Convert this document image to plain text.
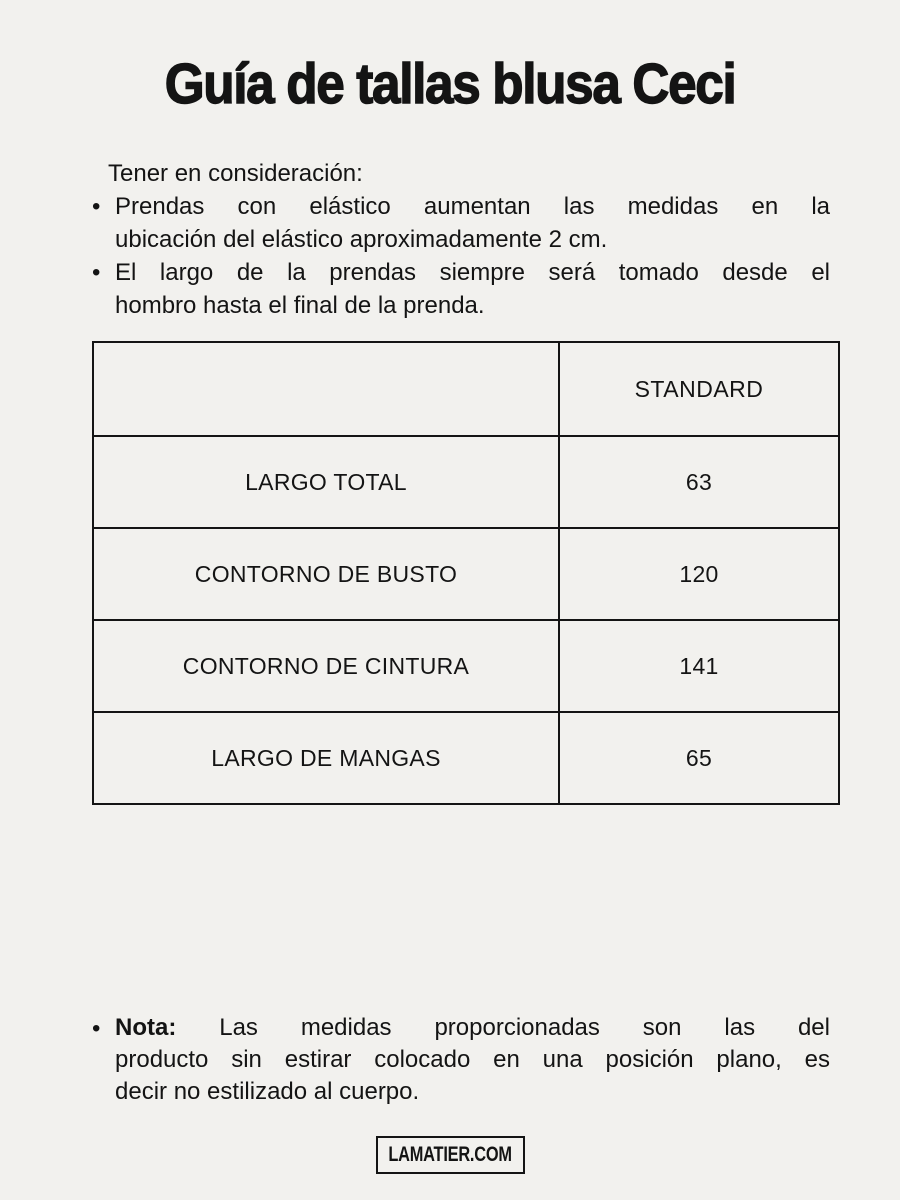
Guía de tallas blusa Ceci
Tener en consideración:
• Prendas con elástico aumentan las medidas en la
ubicación del elástico aproximadamente 2 cm.
• El largo de la prendas siempre será tomado desde el
hombro hasta el final de la prenda.
	STANDARD
LARGO TOTAL	63
CONTORNO DE BUSTO	120
CONTORNO DE CINTURA	141
LARGO DE MANGAS	65
• Nota: Las medidas proporcionadas son las del
producto sin estirar colocado en una posición plano, es
decir no estilizado al cuerpo.
LAMATIER.COM
